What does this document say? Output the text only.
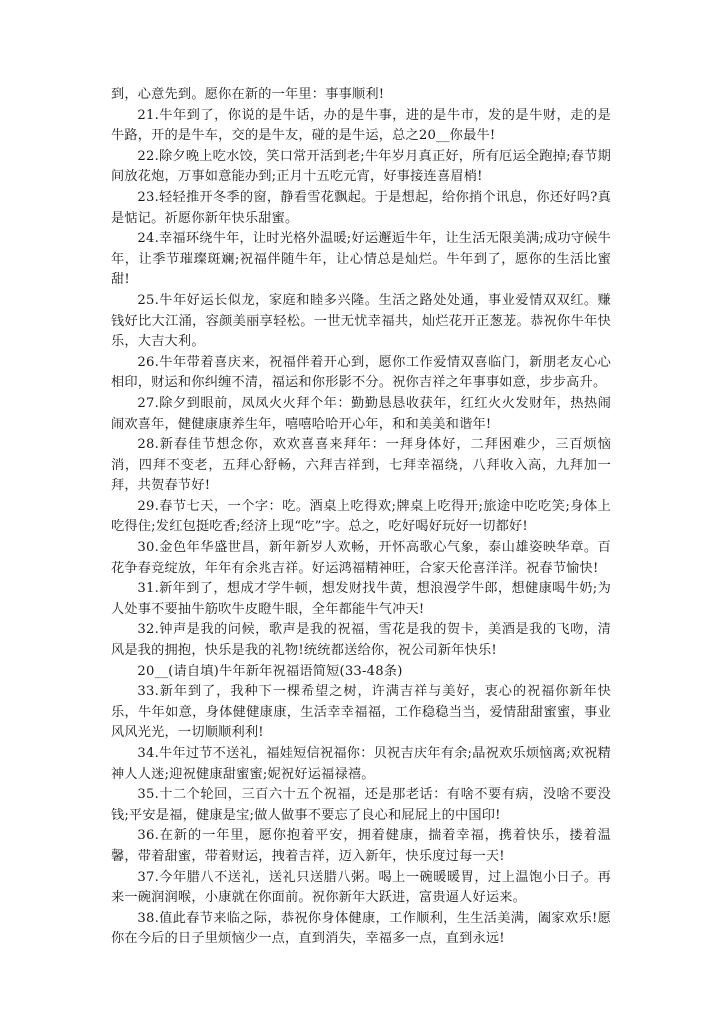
到，心意先到。愿你在新的一年里：事事顺利!

21.牛年到了，你说的是牛话，办的是牛事，进的是牛市，发的是牛财，走的是牛路，开的是牛车，交的是牛友，碰的是牛运，总之20__你最牛!

22.除夕晚上吃水饺，笑口常开活到老;牛年岁月真正好，所有厄运全跑掉;春节期间放花炮，万事如意能办到;正月十五吃元宵，好事接连喜眉梢!

23.轻轻推开冬季的窗，静看雪花飘起。于是想起，给你捎个讯息，你还好吗?真是惦记。祈愿你新年快乐甜蜜。

24.幸福环绕牛年，让时光格外温暖;好运邂逅牛年，让生活无限美满;成功守候牛年，让季节璀璨斑斓;祝福伴随牛年，让心情总是灿烂。牛年到了，愿你的生活比蜜甜!

25.牛年好运长似龙，家庭和睦多兴隆。生活之路处处通，事业爱情双双红。赚钱好比大江涌，容颜美丽享轻松。一世无忧幸福共，灿烂花开正葱茏。恭祝你牛年快乐，大吉大利。

26.牛年带着喜庆来，祝福伴着开心到，愿你工作爱情双喜临门，新朋老友心心相印，财运和你纠缠不清，福运和你形影不分。祝你吉祥之年事事如意，步步高升。

27.除夕到眼前，凤凤火火拜个年：勤勤恳恳收获年，红红火火发财年，热热闹闹欢喜年，健健康康养生年，嘻嘻哈哈开心年，和和美美和谐年!

28.新春佳节想念你，欢欢喜喜来拜年：一拜身体好，二拜困难少，三百烦恼消，四拜不变老，五拜心舒畅，六拜吉祥到，七拜幸福绕，八拜收入高，九拜加一拜，共贺春节好!

29.春节七天，一个字：吃。酒桌上吃得欢;牌桌上吃得开;旅途中吃吃笑;身体上吃得住;发红包挺吃香;经济上现“吃”字。总之，吃好喝好玩好一切都好!

30.金色年华盛世昌，新年新岁人欢畅，开怀高歌心气象，泰山雄姿映华章。百花争春竞绽放，年年有余兆吉祥。好运鸿福精神旺，合家天伦喜洋洋。祝春节愉快!

31.新年到了，想成才学牛顿，想发财找牛黄，想浪漫学牛郎，想健康喝牛奶;为人处事不要抽牛筋吹牛皮瞪牛眼，全年都能牛气冲天!

32.钟声是我的问候，歌声是我的祝福，雪花是我的贺卡，美酒是我的飞吻，清风是我的拥抱，快乐是我的礼物!统统都送给你，祝公司新年快乐!

20__(请自填)牛年新年祝福语简短(33-48条)

33.新年到了，我种下一棵希望之树，许满吉祥与美好，衷心的祝福你新年快乐，牛年如意，身体健健康康，生活幸幸福福，工作稳稳当当，爱情甜甜蜜蜜，事业风风光光，一切顺顺利利!

34.牛年过节不送礼，福娃短信祝福你：贝祝吉庆年有余;晶祝欢乐烦恼离;欢祝精神人人迷;迎祝健康甜蜜蜜;妮祝好运福禄禧。

35.十二个轮回，三百六十五个祝福，还是那老话：有啥不要有病，没啥不要没钱;平安是福，健康是宝;做人做事不要忘了良心和屁屁上的中国印!

36.在新的一年里，愿你抱着平安，拥着健康，揣着幸福，携着快乐，搂着温馨，带着甜蜜，带着财运，拽着吉祥，迈入新年，快乐度过每一天!

37.今年腊八不送礼，送礼只送腊八粥。喝上一碗暖暖胃，过上温饱小日子。再来一碗润润喉，小康就在你面前。祝你新年大跃进，富贵逼人好运来。

38.值此春节来临之际，恭祝你身体健康，工作顺利，生生活美满，阖家欢乐!愿你在今后的日子里烦恼少一点，直到消失，幸福多一点，直到永远!
